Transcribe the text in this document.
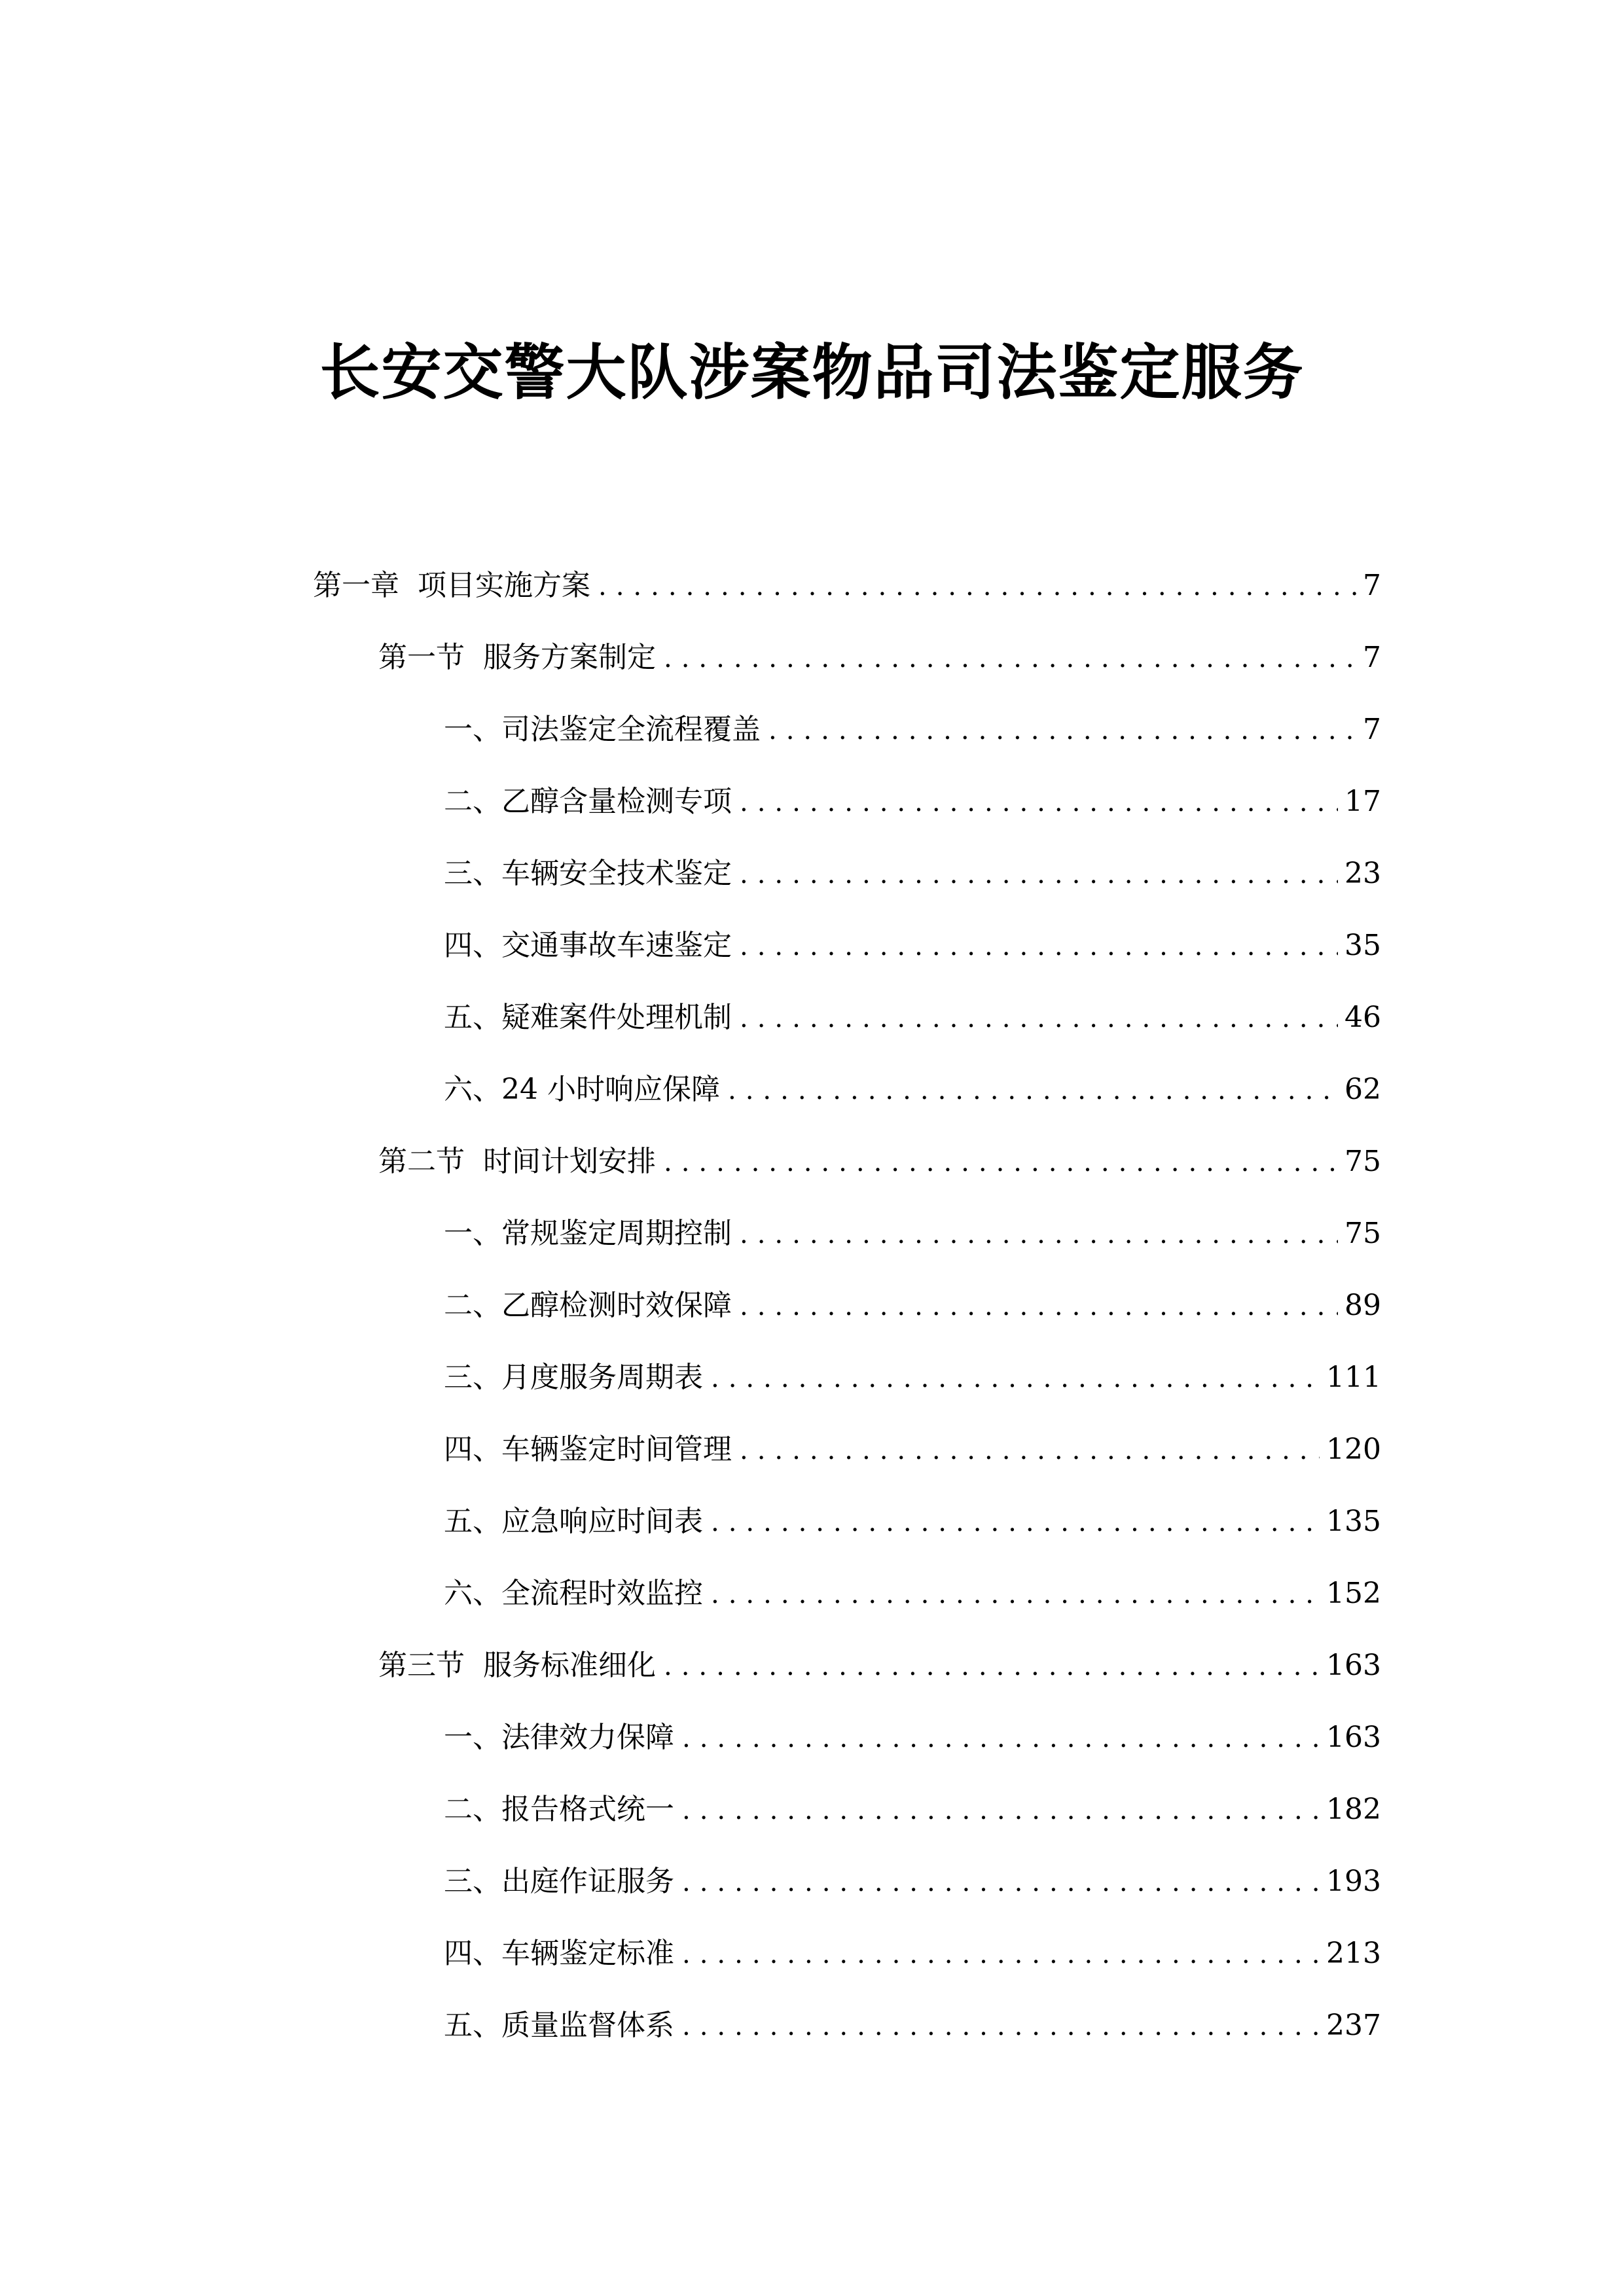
长安交警大队涉案物品司法鉴定服务
第一章 项目实施方案 .....	7
第一节 服务方案制定 .....	7
一、 司法鉴定全流程覆盖 .....	7
二、 乙醇含量检测专项 .....	17
三、 车辆安全技术鉴定 .....	23
四、 交通事故车速鉴定 .....	35
五、 疑难案件处理机制 .....	46
六、 24 小时响应保障 .....	62
第二节 时间计划安排 .....	75
一、 常规鉴定周期控制 .....	75
二、 乙醇检测时效保障 .....	89
三、 月度服务周期表 .....	111
四、 车辆鉴定时间管理 .....	120
五、 应急响应时间表 .....	135
六、 全流程时效监控 .....	152
第三节 服务标准细化 .....	163
一、 法律效力保障 .....	163
二、 报告格式统一 .....	182
三、 出庭作证服务 .....	193
四、 车辆鉴定标准 .....	213
五、 质量监督体系 .....	237
